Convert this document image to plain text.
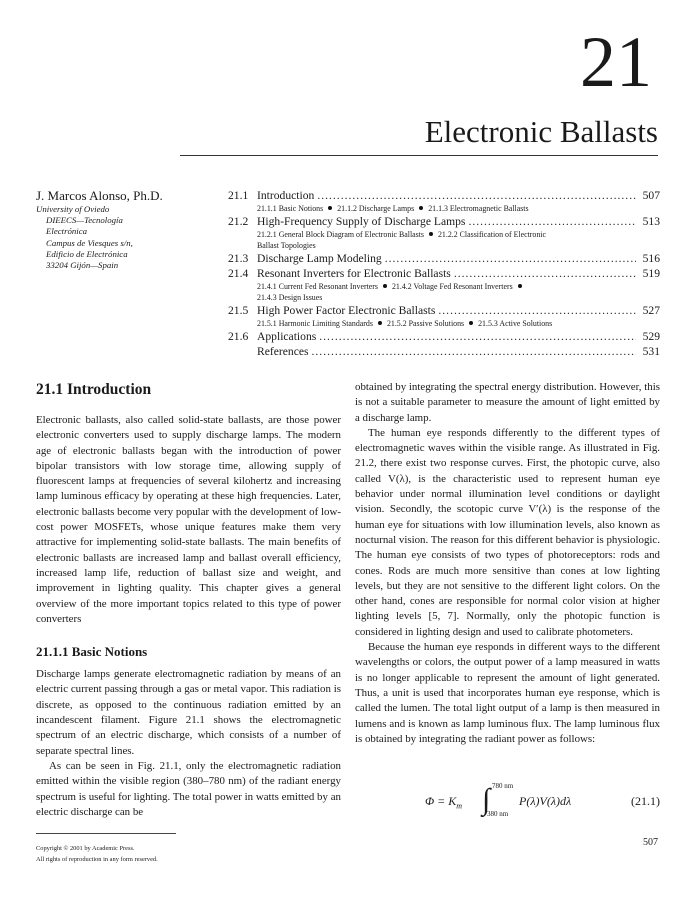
21
Electronic Ballasts
J. Marcos Alonso, Ph.D.
University of Oviedo
DIEECS—Tecnología
Electrónica
Campus de Viesques s/n,
Edificio de Electrónica
33204 Gijón—Spain
21.1 Introduction .....	507
21.1.1 Basic Notions 21.1.2 Discharge Lamps 21.1.3 Electromagnetic Ballasts
21.2 High-Frequency Supply of Discharge Lamps .....	513
21.2.1 General Block Diagram of Electronic Ballasts 21.2.2 Classification of Electronic
Ballast Topologies
21.3 Discharge Lamp Modeling .....	516
21.4 Resonant Inverters for Electronic Ballasts .....	519
21.4.1 Current Fed Resonant Inverters 21.4.2 Voltage Fed Resonant Inverters
21.4.3 Design Issues
21.5 High Power Factor Electronic Ballasts .....	527
21.5.1 Harmonic Limiting Standards 21.5.2 Passive Solutions 21.5.3 Active Solutions
21.6 Applications .....	529
References .....	531
21.1 Introduction

Electronic ballasts, also called solid-state ballasts, are those power electronic converters used to supply discharge lamps. The modern age of electronic ballasts began with the introduction of power bipolar transistors with low storage time, allowing supply of fluorescent lamps at frequencies of several kilohertz and increasing lamp luminous efficacy by operating at these high frequencies. Later, electronic ballasts become very popular with the development of low-cost power MOSFETs, whose unique features make them very attractive for implementing solid-state ballasts. The main benefits of electronic ballasts are increased lamp and ballast overall efficiency, increased lamp life, reduction of ballast size and weight, and improvement in lighting quality. This chapter gives a general overview of the more important topics related to this type of power converters

21.1.1 Basic Notions

Discharge lamps generate electromagnetic radiation by means of an electric current passing through a gas or metal vapor. This radiation is discrete, as opposed to the continuous radiation emitted by an incandescent filament. Figure 21.1 shows the electromagnetic spectrum of an electric discharge, which consists of a number of separate spectral lines.

As can be seen in Fig. 21.1, only the electromagnetic radiation emitted within the visible region (380–780 nm) of the radiant energy spectrum is useful for lighting. The total power in watts emitted by an electric discharge can be

obtained by integrating the spectral energy distribution. However, this is not a suitable parameter to measure the amount of light emitted by a discharge lamp.

The human eye responds differently to the different types of electromagnetic waves within the visible range. As illustrated in Fig. 21.2, there exist two response curves. First, the photopic curve, also called V(λ), is the characteristic used to represent human eye behavior under normal illumination level conditions or daylight vision. Secondly, the scotopic curve V′(λ) is the response of the human eye for situations with low illumination levels, also known as nocturnal vision. The reason for this different behavior is physiologic. The human eye consists of two types of photoreceptors: rods and cones. Rods are much more sensitive than cones at low lighting levels, but they are not sensitive to the different light colors. On the other hand, cones are responsible for normal color vision at higher lighting levels [5, 7]. Normally, only the photopic function is considered in lighting design and used to calibrate photometers.

Because the human eye responds in different ways to the different wavelengths or colors, the output power of a lamp measured in watts is no longer applicable to represent the amount of light generated. Thus, a unit is used that incorporates human eye response, which is called the lumen. The total light output of a lamp is then measured in lumens and is known as lamp luminous flux. The lamp luminous flux is obtained by integrating the radiant power as follows:

$\Phi = K_m$ ∫ 780 nm
380 nm
P(λ)V(λ)dλ	(21.1)
Copyright © 2001 by Academic Press.
All rights of reproduction in any form reserved.
507
